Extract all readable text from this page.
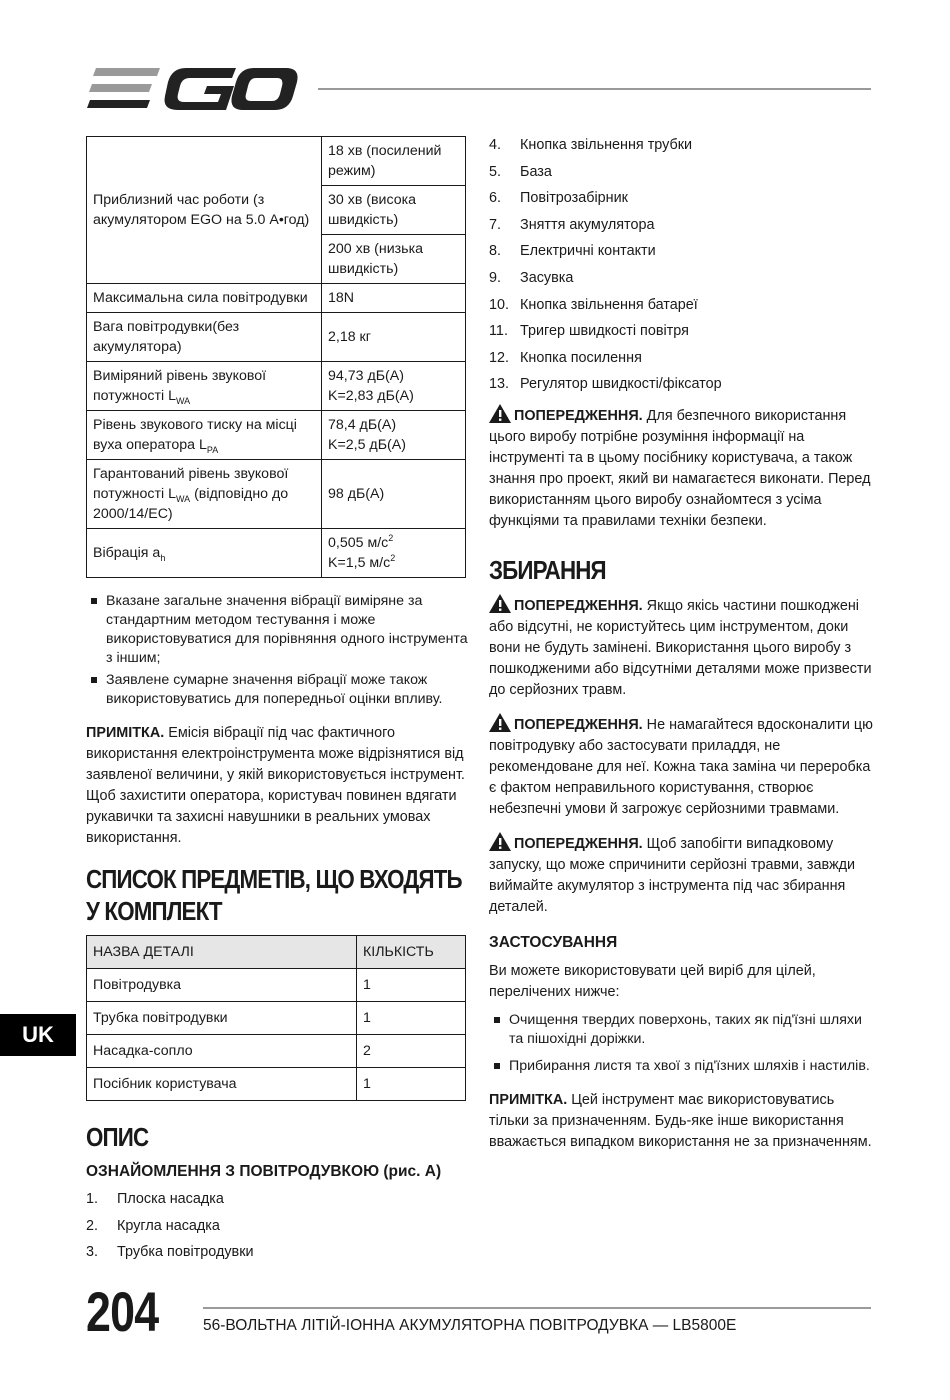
Приблизний час роботи (з акумулятором EGO на 5.0 А•год)	18 хв (посилений режим)
	30 хв (висока швидкість)
	200 хв (низька швидкість)
Максимальна сила повітродувки	18N
Вага повітродувки(без акумулятора)	2,18 кг
Виміряний рівень звукової потужності $L_{WA}$	94,73 дБ(A)
K=2,83 дБ(A)
Рівень звукового тиску на місці вуха оператора $L_{PA}$	78,4 дБ(A)
K=2,5 дБ(A)
Гарантований рівень звукової потужності $L_{WA}$ (відповідно до 2000/14/EC)	98 дБ(A)
Вібрація $a_h$	0,505 $м/с^2$
K=1,5 $м/с^2$
Вказане загальне значення вібрації виміряне за стандартним методом тестування і може використовуватися для порівняння одного інструмента з іншим;
Заявлене сумарне значення вібрації може також використовуватись для попередньої оцінки впливу.

ПРИМІТКА. Емісія вібрації під час фактичного використання електроінструмента може відрізнятися від заявленої величини, у якій використовується інструмент. Щоб захистити оператора, користувач повинен вдягати рукавички та захисні навушники в реальних умовах використання.

СПИСОК ПРЕДМЕТІВ, ЩО ВХОДЯТЬ У КОМПЛЕКТ
НАЗВА ДЕТАЛІ	КІЛЬКІСТЬ
Повітродувка	1
Трубка повітродувки	1
Насадка-сопло	2
Посібник користувача	1
ОПИС
ОЗНАЙОМЛЕННЯ З ПОВІТРОДУВКОЮ (рис. А)
1. Плоска насадка
2. Кругла насадка
3. Трубка повітродувки
4. Кнопка звільнення трубки
5. База
6. Повітрозабірник
7. Зняття акумулятора
8. Електричні контакти
9. Засувка
10. Кнопка звільнення батареї
11. Тригер швидкості повітря
12. Кнопка посилення
13. Регулятор швидкості/фіксатор

ПОПЕРЕДЖЕННЯ. Для безпечного використання цього виробу потрібне розуміння інформації на інструменті та в цьому посібнику користувача, а також знання про проект, який ви намагаєтеся виконати. Перед використанням цього виробу ознайомтеся з усіма функціями та правилами техніки безпеки.

ЗБИРАННЯ

ПОПЕРЕДЖЕННЯ. Якщо якісь частини пошкоджені або відсутні, не користуйтесь цим інструментом, доки вони не будуть замінені. Використання цього виробу з пошкодженими або відсутніми деталями може призвести до серйозних травм.

ПОПЕРЕДЖЕННЯ. Не намагайтеся вдосконалити цю повітродувку або застосувати приладдя, не рекомендоване для неї. Кожна така заміна чи переробка є фактом неправильного користування, створює небезпечні умови й загрожує серйозними травмами.

ПОПЕРЕДЖЕННЯ. Щоб запобігти випадковому запуску, що може спричинити серйозні травми, завжди виймайте акумулятор з інструмента під час збирання деталей.

ЗАСТОСУВАННЯ

Ви можете використовувати цей виріб для цілей, перелічених нижче:

Очищення твердих поверхонь, таких як під'їзні шляхи та пішохідні доріжки.
Прибирання листя та хвої з під'їзних шляхів і настилів.

ПРИМІТКА. Цей інструмент має використовуватись тільки за призначенням. Будь-яке інше використання вважається випадком використання не за призначенням.

UK
204	56-ВОЛЬТНА ЛІТІЙ-ІОННА АКУМУЛЯТОРНА ПОВІТРОДУВКА — LB5800E
